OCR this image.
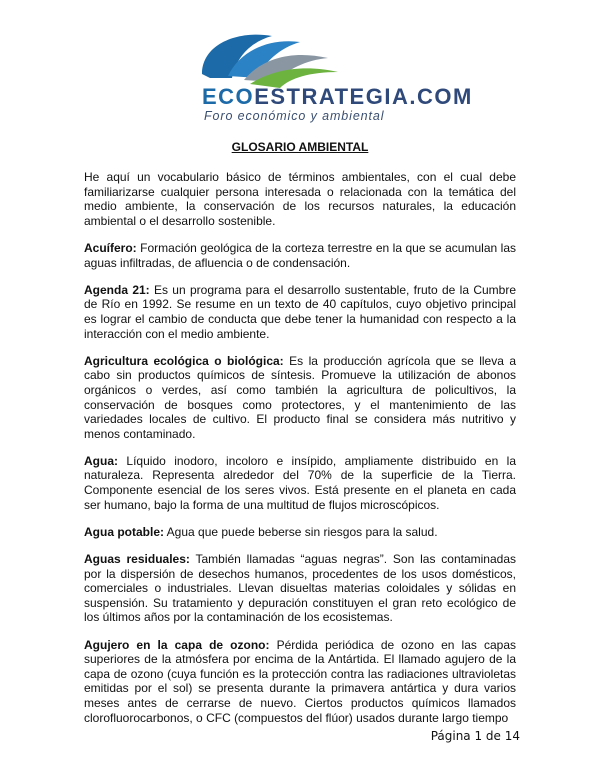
ECOESTRATEGIA.COM
Foro económico y ambiental
GLOSARIO AMBIENTAL

He aquí un vocabulario básico de términos ambientales, con el cual debe familiarizarse cualquier persona interesada o relacionada con la temática del medio ambiente, la conservación de los recursos naturales, la educación ambiental o el desarrollo sostenible.

Acuífero: Formación geológica de la corteza terrestre en la que se acumulan las aguas infiltradas, de afluencia o de condensación.

Agenda 21: Es un programa para el desarrollo sustentable, fruto de la Cumbre de Río en 1992. Se resume en un texto de 40 capítulos, cuyo objetivo principal es lograr el cambio de conducta que debe tener la humanidad con respecto a la interacción con el medio ambiente.

Agricultura ecológica o biológica: Es la producción agrícola que se lleva a cabo sin productos químicos de síntesis. Promueve la utilización de abonos orgánicos o verdes, así como también la agricultura de policultivos, la conservación de bosques como protectores, y el mantenimiento de las variedades locales de cultivo. El producto final se considera más nutritivo y menos contaminado.

Agua: Líquido inodoro, incoloro e insípido, ampliamente distribuido en la naturaleza. Representa alrededor del 70% de la superficie de la Tierra. Componente esencial de los seres vivos. Está presente en el planeta en cada ser humano, bajo la forma de una multitud de flujos microscópicos.

Agua potable: Agua que puede beberse sin riesgos para la salud.

Aguas residuales: También llamadas “aguas negras”. Son las contaminadas por la dispersión de desechos humanos, procedentes de los usos domésticos, comerciales o industriales. Llevan disueltas materias coloidales y sólidas en suspensión. Su tratamiento y depuración constituyen el gran reto ecológico de los últimos años por la contaminación de los ecosistemas.

Agujero en la capa de ozono: Pérdida periódica de ozono en las capas superiores de la atmósfera por encima de la Antártida. El llamado agujero de la capa de ozono (cuya función es la protección contra las radiaciones ultravioletas emitidas por el sol) se presenta durante la primavera antártica y dura varios meses antes de cerrarse de nuevo. Ciertos productos químicos llamados clorofluorocarbonos, o CFC (compuestos del flúor) usados durante largo tiempo

Página 1 de 14
